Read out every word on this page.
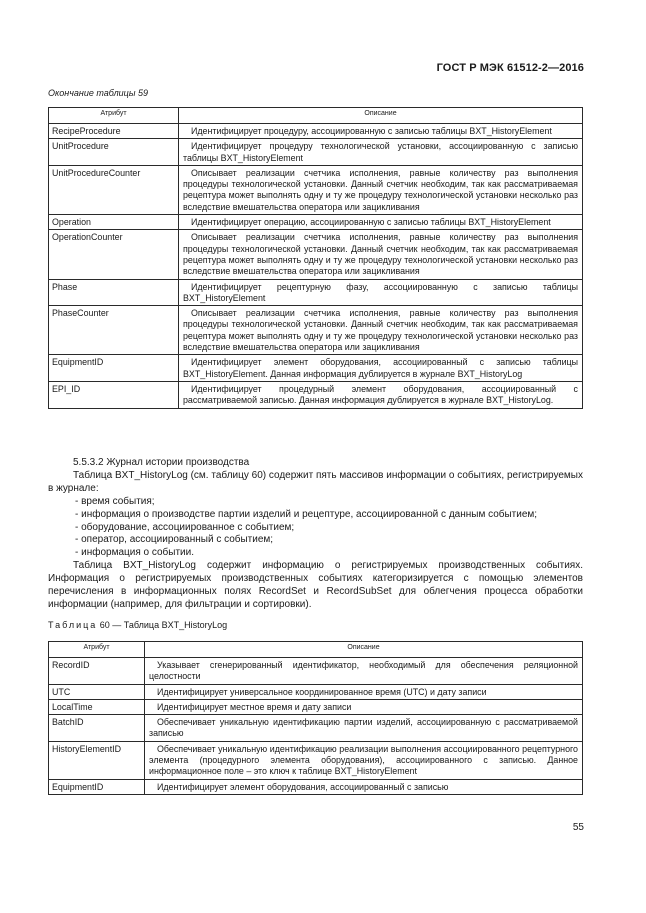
ГОСТ Р МЭК 61512-2—2016
Окончание таблицы 59
Атрибут	Описание
RecipeProcedure	Идентифицирует процедуру, ассоциированную с записью таблицы BXT_HistoryElement
UnitProcedure	Идентифицирует процедуру технологической установки, ассоциированную с записью таблицы BXT_HistoryElement
UnitProcedureCounter	Описывает реализации счетчика исполнения, равные количеству раз выполнения процедуры технологической установки. Данный счетчик необходим, так как рассматриваемая рецептура может выполнять одну и ту же процедуру технологической установки несколько раз вследствие вмешательства оператора или зацикливания
Operation	Идентифицирует операцию, ассоциированную с записью таблицы BXT_HistoryElement
OperationCounter	Описывает реализации счетчика исполнения, равные количеству раз выполнения процедуры технологической установки. Данный счетчик необходим, так как рассматриваемая рецептура может выполнять одну и ту же процедуру технологической установки несколько раз вследствие вмешательства оператора или зацикливания
Phase	Идентифицирует рецептурную фазу, ассоциированную с записью таблицы BXT_HistoryElement
PhaseCounter	Описывает реализации счетчика исполнения, равные количеству раз выполнения процедуры технологической установки. Данный счетчик необходим, так как рассматриваемая рецептура может выполнять одну и ту же процедуру технологической установки несколько раз вследствие вмешательства оператора или зацикливания
EquipmentID	Идентифицирует элемент оборудования, ассоциированный с записью таблицы BXT_HistoryElement. Данная информация дублируется в журнале BXT_HistoryLog
EPI_ID	Идентифицирует процедурный элемент оборудования, ассоциированный с рассматриваемой записью. Данная информация дублируется в журнале BXT_HistoryLog.

5.5.3.2 Журнал истории производства

Таблица BXT_HistoryLog (см. таблицу 60) содержит пять массивов информации о событиях, регистрируемых в журнале:

- время события;

- информация о производстве партии изделий и рецептуре, ассоциированной с данным событием;

- оборудование, ассоциированное с событием;

- оператор, ассоциированный с событием;

- информация о событии.

Таблица BXT_HistoryLog содержит информацию о регистрируемых производственных событиях. Информация о регистрируемых производственных событиях категоризируется с помощью элементов перечисления в информационных полях RecordSet и RecordSubSet для облегчения процесса обработки информации (например, для фильтрации и сортировки).

Таблица 60 — Таблица BXT_HistoryLog
Атрибут	Описание
RecordID	Указывает сгенерированный идентификатор, необходимый для обеспечения реляционной целостности
UTC	Идентифицирует универсальное координированное время (UTC) и дату записи
LocalTime	Идентифицирует местное время и дату записи
BatchID	Обеспечивает уникальную идентификацию партии изделий, ассоциированную с рассматриваемой записью
HistoryElementID	Обеспечивает уникальную идентификацию реализации выполнения ассоциированного рецептурного элемента (процедурного элемента оборудования), ассоциированного с записью. Данное информационное поле – это ключ к таблице BXT_HistoryElement
EquipmentID	Идентифицирует элемент оборудования, ассоциированный с записью
55
